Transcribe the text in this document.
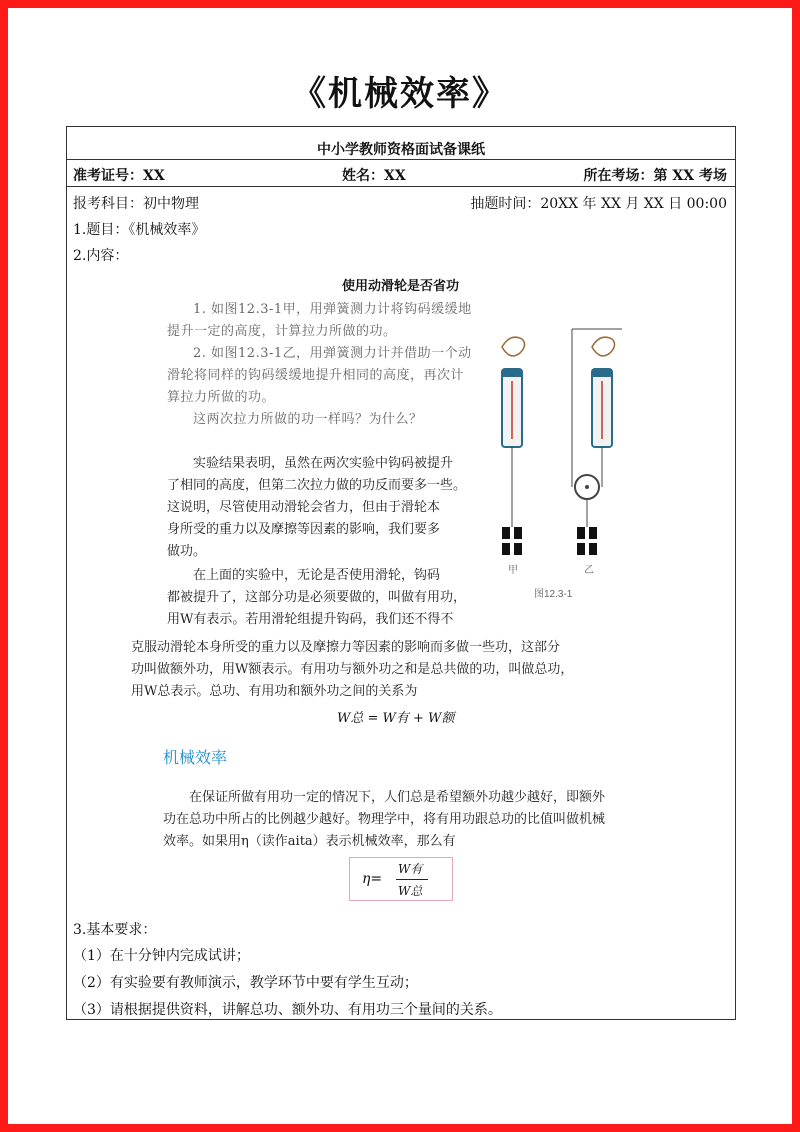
《机械效率》
中小学教师资格面试备课纸
准考证号：XX	姓名：XX	所在考场：第 XX 考场
报考科目：初中物理	抽题时间：20XX 年 XX 月 XX 日 00:00
1.题目：《机械效率》
2.内容：
使用动滑轮是否省功

1. 如图12.3-1甲，用弹簧测力计将钩码缓缓地

提升一定的高度，计算拉力所做的功。

2. 如图12.3-1乙，用弹簧测力计并借助一个动

滑轮将同样的钩码缓缓地提升相同的高度，再次计

算拉力所做的功。

这两次拉力所做的功一样吗？为什么？

实验结果表明，虽然在两次实验中钩码被提升

了相同的高度，但第二次拉力做的功反而要多一些。

这说明，尽管使用动滑轮会省力，但由于滑轮本

身所受的重力以及摩擦等因素的影响，我们要多

做功。

在上面的实验中，无论是否使用滑轮，钩码

都被提升了，这部分功是必须要做的，叫做有用功，

用W有表示。若用滑轮组提升钩码，我们还不得不

甲	乙
图12.3-1

克服动滑轮本身所受的重力以及摩擦力等因素的影响而多做一些功，这部分

功叫做额外功，用W额表示。有用功与额外功之和是总共做的功，叫做总功，

用W总表示。总功、有用功和额外功之间的关系为

W总 = W有 + W额
机械效率

在保证所做有用功一定的情况下，人们总是希望额外功越少越好，即额外

功在总功中所占的比例越少越好。物理学中，将有用功跟总功的比值叫做机械

效率。如果用η（读作aita）表示机械效率，那么有

η=
W有
W总
3.基本要求：
（1）在十分钟内完成试讲；
（2）有实验要有教师演示，教学环节中要有学生互动；
（3）请根据提供资料，讲解总功、额外功、有用功三个量间的关系。
